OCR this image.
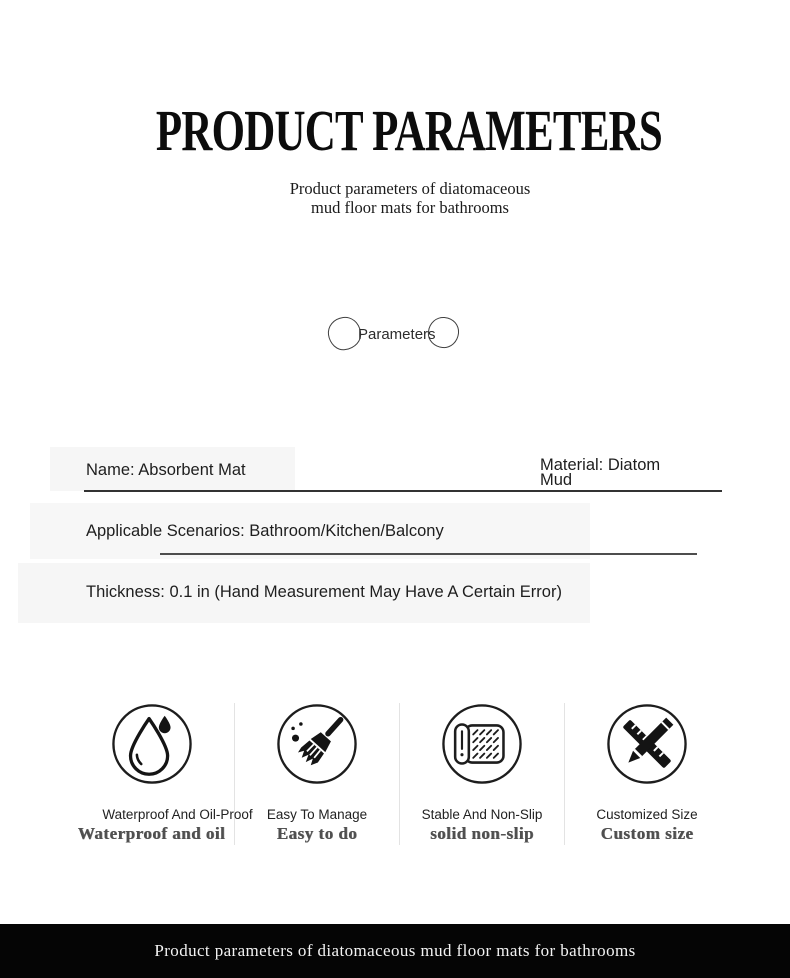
PRODUCT PARAMETERS
Product parameters of diatomaceous mud floor mats for bathrooms
Parameters
Name: Absorbent Mat	Material: Diatom Mud
Applicable Scenarios: Bathroom/Kitchen/Balcony
Thickness: 0.1 in (Hand Measurement May Have A Certain Error)
Waterproof And Oil-Proof
Waterproof and oil
Easy To Manage
Easy to do
Stable And Non-Slip
solid non-slip
Customized Size
Custom size
Product parameters of diatomaceous mud floor mats for bathrooms
